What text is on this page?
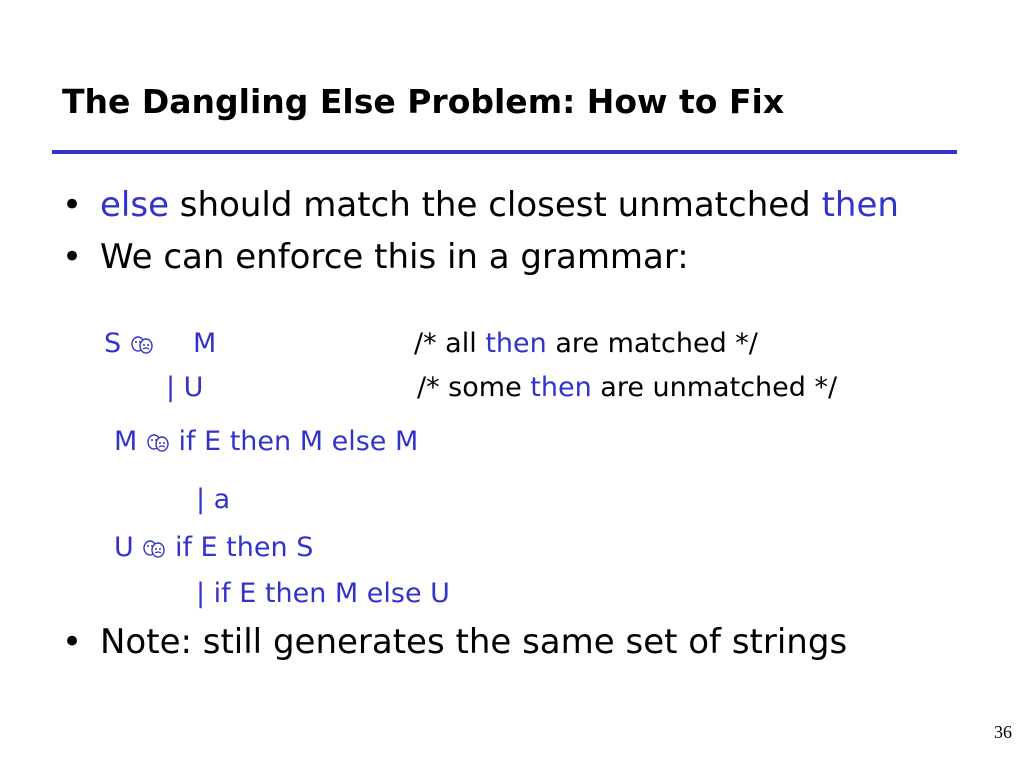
The Dangling Else Problem: How to Fix
• else should match the closest unmatched then
• We can enforce this in a grammar:
S	M	/* all then are matched */
| U	/* some then are unmatched */
M if E then M else M
| a
U if E then S
| if E then M else U
• Note: still generates the same set of strings
36
